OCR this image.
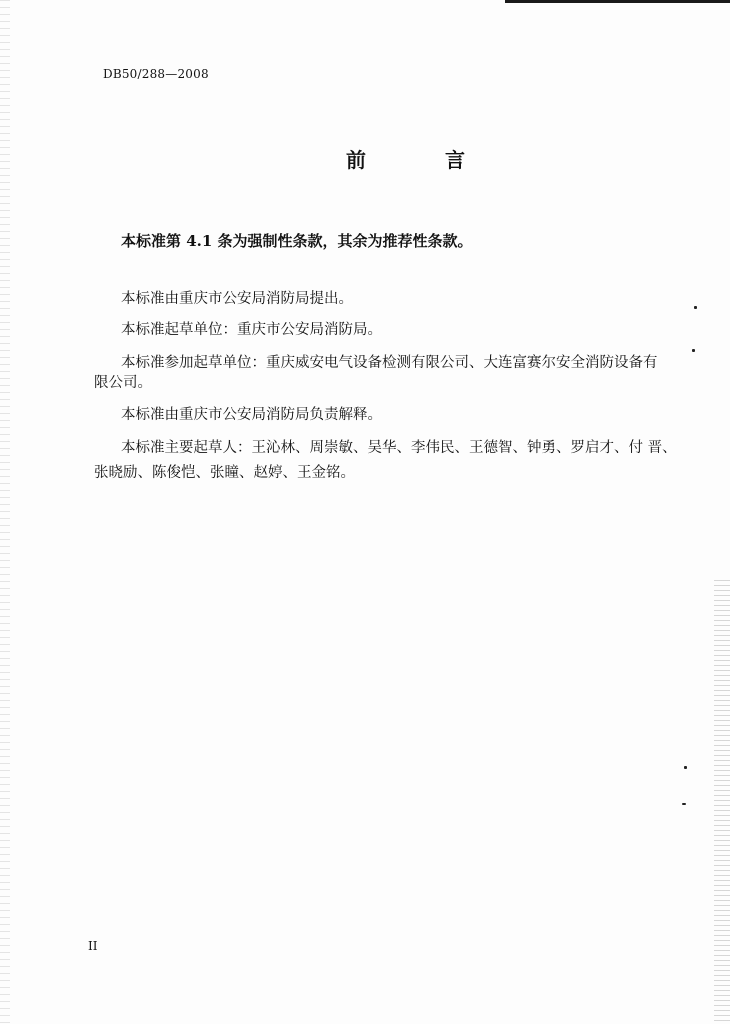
DB50/288—2008
前 言
本标准第 4.1 条为强制性条款，其余为推荐性条款。
本标准由重庆市公安局消防局提出。
本标准起草单位：重庆市公安局消防局。
本标准参加起草单位：重庆威安电气设备检测有限公司、大连富赛尔安全消防设备有
限公司。
本标准由重庆市公安局消防局负责解释。
本标准主要起草人：王沁林、周崇敏、吴华、李伟民、王德智、钟勇、罗启才、付 晋、
张晓励、陈俊恺、张瞳、赵婷、王金铭。
II
